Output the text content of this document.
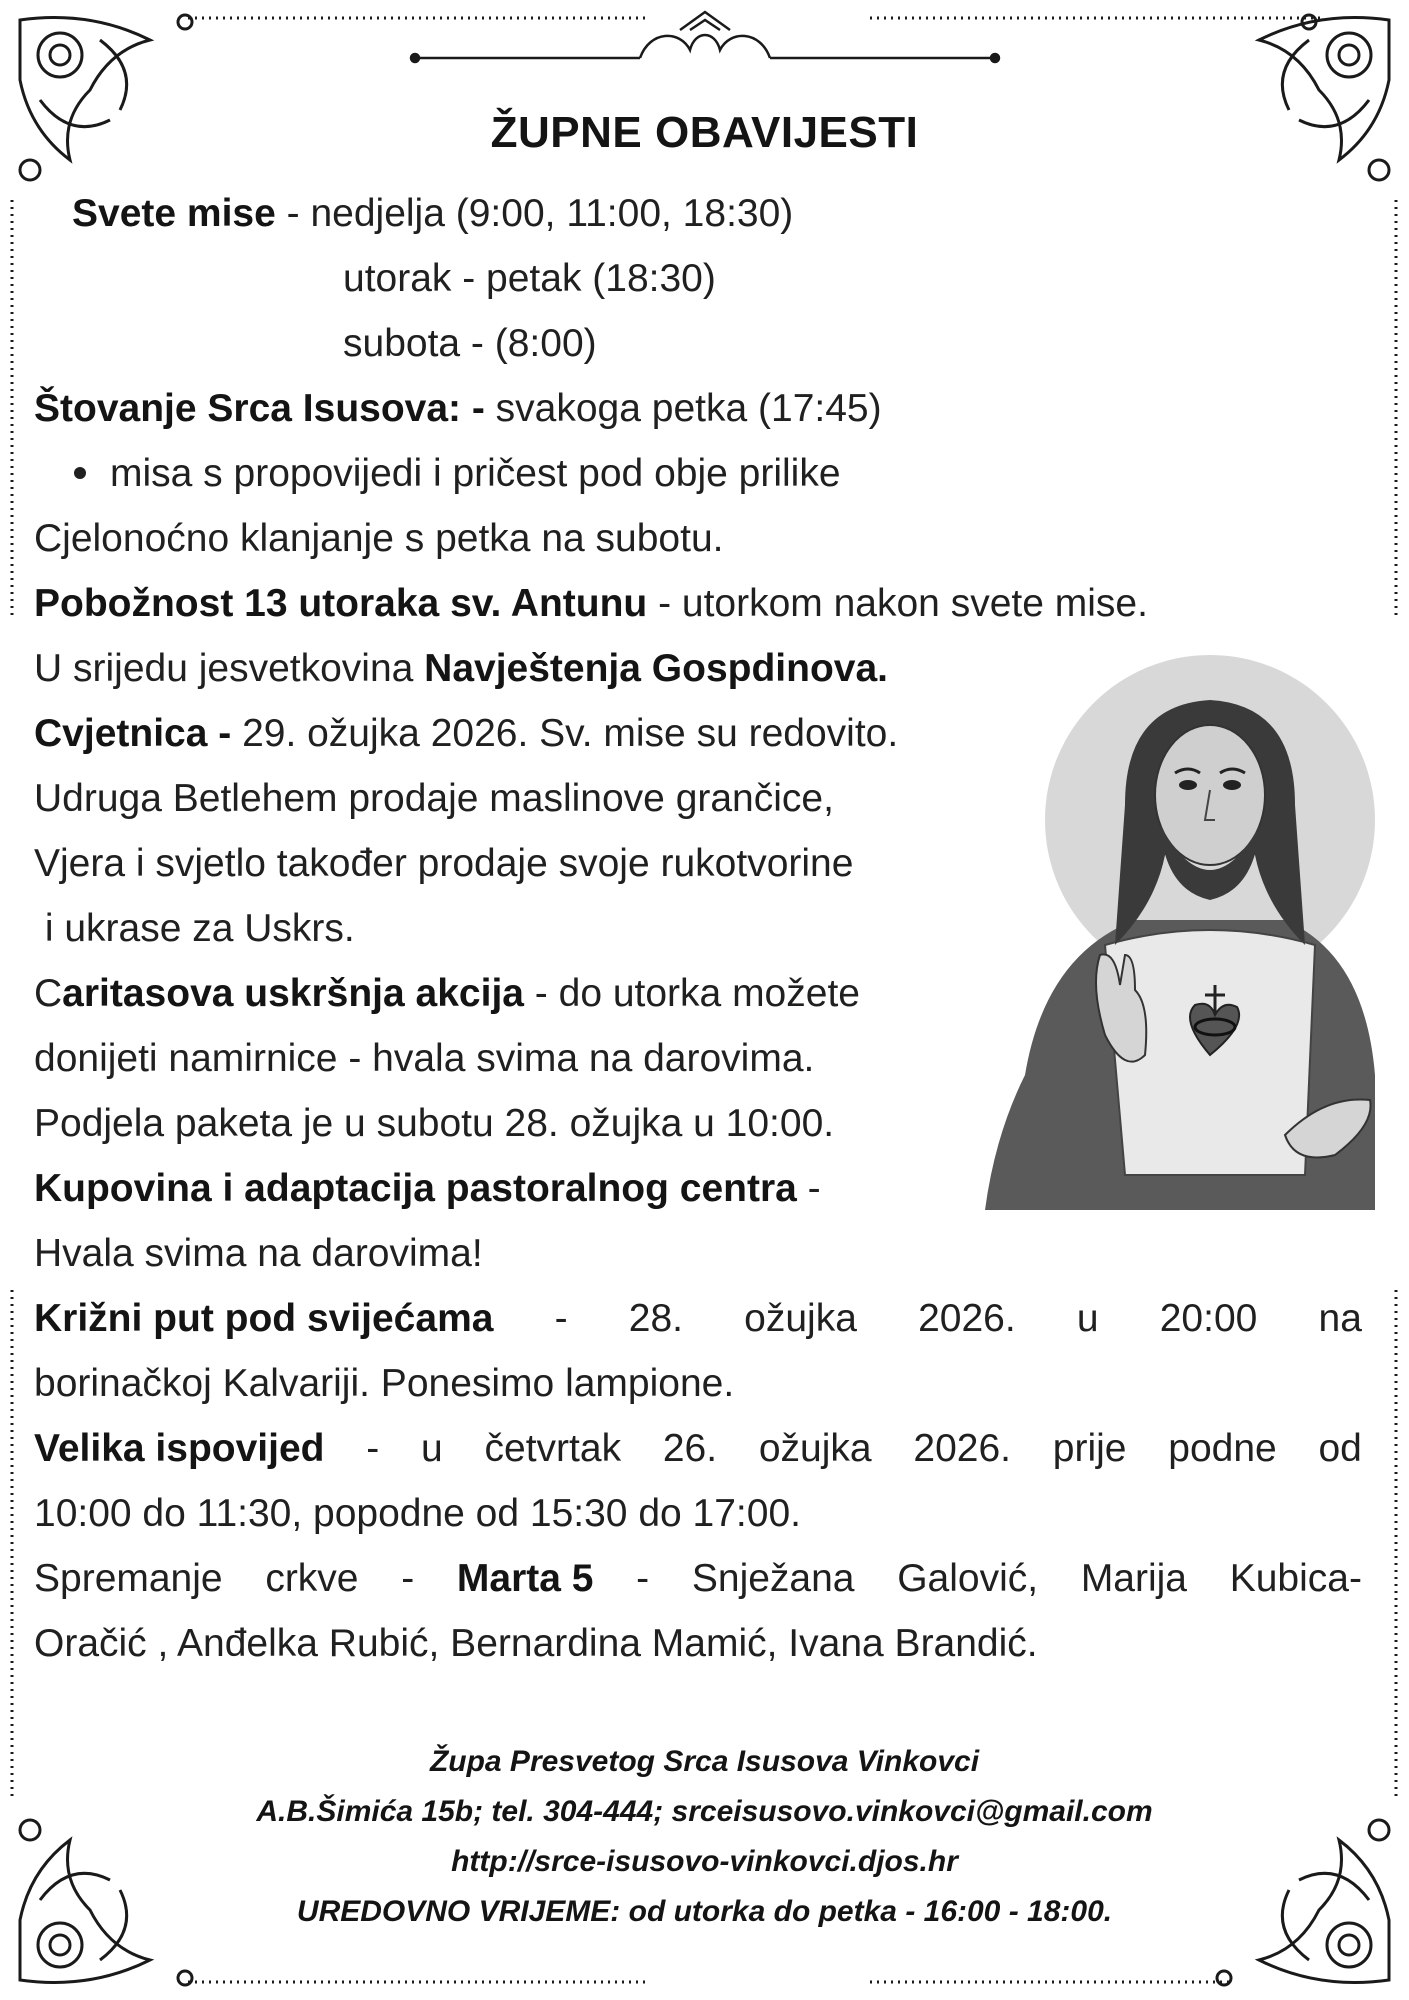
ŽUPNE OBAVIJESTI
Svete mise - nedjelja (9:00, 11:00, 18:30)
utorak - petak (18:30)
subota - (8:00)
Štovanje Srca Isusova: - svakoga petka (17:45)
misa s propovijedi i pričest pod obje prilike
Cjelonoćno klanjanje s petka na subotu.
Pobožnost 13 utoraka sv. Antunu - utorkom nakon svete mise.
U srijedu jesvetkovina Navještenja Gospdinova.
Cvjetnica - 29. ožujka 2026. Sv. mise su redovito.
Udruga Betlehem prodaje maslinove grančice,
Vjera i svjetlo također prodaje svoje rukotvorine
i ukrase za Uskrs.
Caritasova uskršnja akcija - do utorka možete
donijeti namirnice - hvala svima na darovima.
Podjela paketa je u subotu 28. ožujka u 10:00.
Kupovina i adaptacija pastoralnog centra -
Hvala svima na darovima!
Križni put pod svijećama - 28. ožujka 2026. u 20:00 na
borinačkoj Kalvariji. Ponesimo lampione.
Velika ispovijed - u četvrtak 26. ožujka 2026. prije podne od
10:00 do 11:30, popodne od 15:30 do 17:00.
Spremanje crkve - Marta 5 - Snježana Galović, Marija Kubica-
Oračić , Anđelka Rubić, Bernardina Mamić, Ivana Brandić.
Župa Presvetog Srca Isusova Vinkovci
A.B.Šimića 15b; tel. 304-444; srceisusovo.vinkovci@gmail.com
http://srce-isusovo-vinkovci.djos.hr
UREDOVNO VRIJEME: od utorka do petka - 16:00 - 18:00.
